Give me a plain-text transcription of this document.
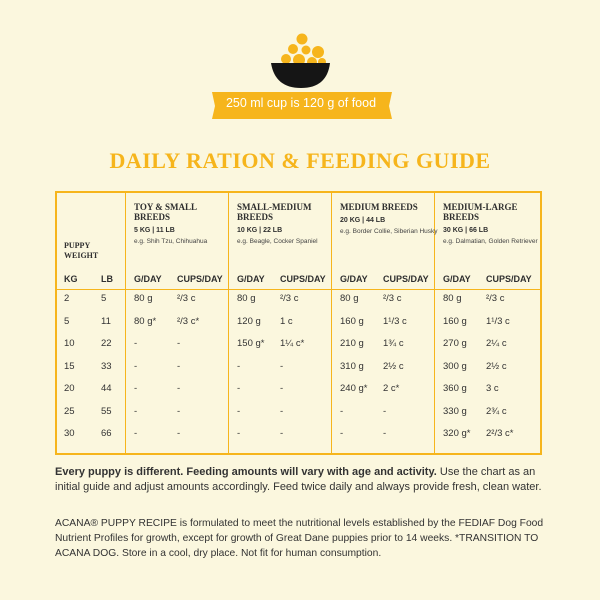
250 ml cup is 120 g of food
DAILY RATION & FEEDING GUIDE
PUPPY WEIGHT
TOY & SMALL BREEDS
5 KG | 11 LB
e.g. Shih Tzu, Chihuahua
SMALL-MEDIUM BREEDS
10 KG | 22 LB
e.g. Beagle, Cocker Spaniel
MEDIUM BREEDS
20 KG | 44 LB
e.g. Border Collie, Siberian Husky
MEDIUM-LARGE BREEDS
30 KG | 66 LB
e.g. Dalmatian, Golden Retriever
KG	LB G/DAY CUPS/DAY G/DAY CUPS/DAY G/DAY CUPS/DAY G/DAY CUPS/DAY
2	5	80 g	²/3 c	80 g	²/3 c	80 g	²/3 c	80 g	²/3 c
5	11 80 g* ²/3 c*	120 g 1 c	160 g 1¹/3 c	160 g 1¹/3 c
10	22 -	-	150 g* 1¼ c*	210 g 1¾ c	270 g 2¼ c
15	33 -	-	-	-	310 g 2½ c	300 g 2½ c
20	44 -	-	-	-	240 g* 2 c*	360 g 3 c
25	55 -	-	-	-	-	-	330 g 2¾ c
30	66 -	-	-	-	-	-	320 g* 2²/3 c*
Every puppy is different. Feeding amounts will vary with age and activity. Use the chart as an initial guide and adjust amounts accordingly. Feed twice daily and always provide fresh, clean water.
ACANA® PUPPY RECIPE is formulated to meet the nutritional levels established by the FEDIAF Dog Food Nutrient Profiles for growth, except for growth of Great Dane puppies prior to 14 weeks. *TRANSITION TO ACANA DOG. Store in a cool, dry place. Not fit for human consumption.
